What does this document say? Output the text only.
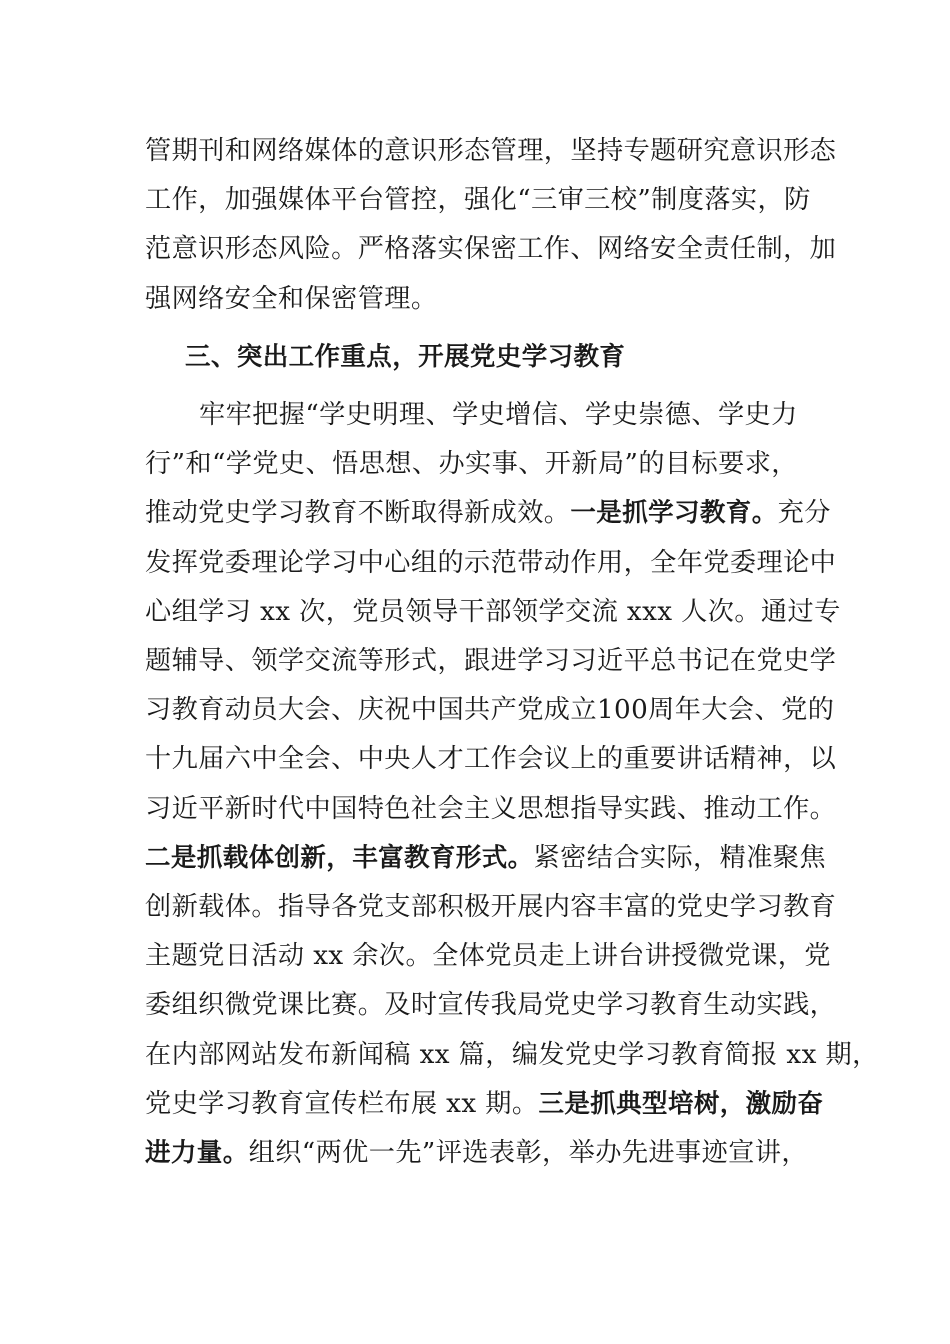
管期刊和网络媒体的意识形态管理，坚持专题研究意识形态
工作，加强媒体平台管控，强化“三审三校”制度落实，防
范意识形态风险。严格落实保密工作、网络安全责任制，加
强网络安全和保密管理。

三、突出工作重点，开展党史学习教育

牢牢把握“学史明理、学史增信、学史崇德、学史力
行”和“学党史、悟思想、办实事、开新局”的目标要求，
推动党史学习教育不断取得新成效。一是抓学习教育。充分
发挥党委理论学习中心组的示范带动作用，全年党委理论中
心组学习 xx 次，党员领导干部领学交流 xxx 人次。通过专
题辅导、领学交流等形式，跟进学习习近平总书记在党史学
习教育动员大会、庆祝中国共产党成立100周年大会、党的
十九届六中全会、中央人才工作会议上的重要讲话精神，以
习近平新时代中国特色社会主义思想指导实践、推动工作。
二是抓载体创新，丰富教育形式。紧密结合实际，精准聚焦
创新载体。指导各党支部积极开展内容丰富的党史学习教育
主题党日活动 xx 余次。全体党员走上讲台讲授微党课，党
委组织微党课比赛。及时宣传我局党史学习教育生动实践，
在内部网站发布新闻稿 xx 篇，编发党史学习教育简报 xx 期，
党史学习教育宣传栏布展 xx 期。三是抓典型培树，激励奋
进力量。组织“两优一先”评选表彰，举办先进事迹宣讲，
